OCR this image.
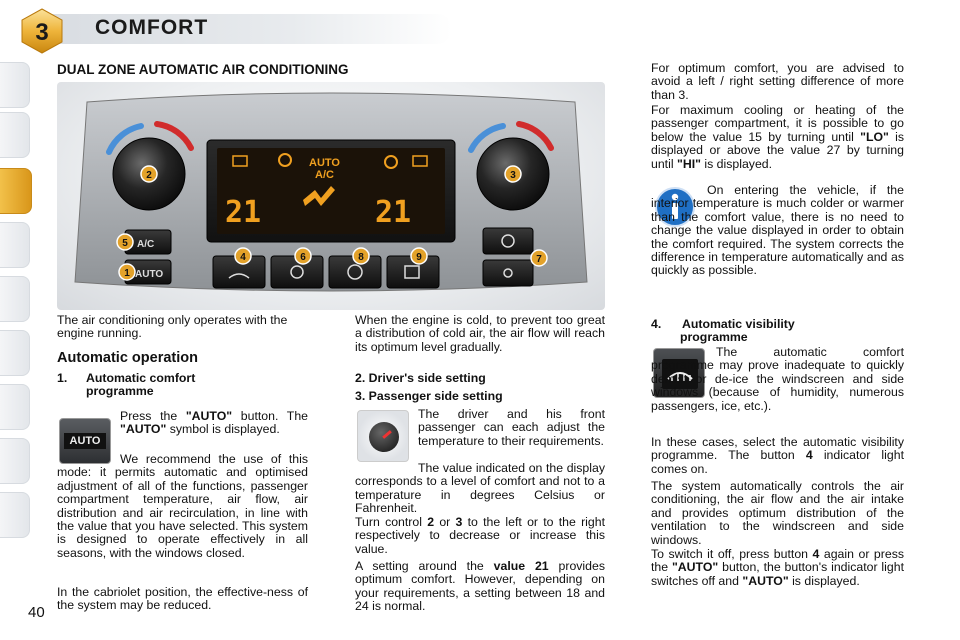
3 COMFORT
DUAL ZONE AUTOMATIC AIR CONDITIONING
AUTO
A/C
21	21
A/C
AUTO
1
2	3
4
5
6	7
8	9
The air conditioning only operates with the engine running.
Automatic operation
1. Automatic comfort programme
AUTO
Press the "AUTO" button. The "AUTO" symbol is displayed.
We recommend the use of this mode: it permits automatic and optimised adjustment of all of the functions, passenger compartment temperature, air flow, air distribution and air recirculation, in line with the value that you have selected. This system is designed to operate effectively in all seasons, with the windows closed.
In the cabriolet position, the effective-ness of the system may be reduced.
When the engine is cold, to prevent too great a distribution of cold air, the air flow will reach its optimum level gradually.
2. Driver's side setting
3. Passenger side setting
The driver and his front passenger can each adjust the temperature to their requirements.
The value indicated on the display corresponds to a level of comfort and not to a temperature in degrees Celsius or Fahrenheit.
Turn control 2 or 3 to the left or to the right respectively to decrease or increase this value.
A setting around the value 21 provides optimum comfort. However, depending on your requirements, a setting between 18 and 24 is normal.
For optimum comfort, you are advised to avoid a left / right setting difference of more than 3.
For maximum cooling or heating of the passenger compartment, it is possible to go below the value 15 by turning until "LO" is displayed or above the value 27 by turning until "HI" is displayed.
On entering the vehicle, if the interior temperature is much colder or warmer than the comfort value, there is no need to change the value displayed in order to obtain the comfort required. The system corrects the difference in temperature automatically and as quickly as possible.
4. Automatic visibility programme
The automatic comfort programme may prove inadequate to quickly demist or de-ice the windscreen and side windows (because of humidity, numerous passengers, ice, etc.).
In these cases, select the automatic visibility programme. The button 4 indicator light comes on.
The system automatically controls the air conditioning, the air flow and the air intake and provides optimum distribution of the ventilation to the windscreen and side windows.
To switch it off, press button 4 again or press the "AUTO" button, the button's indicator light switches off and "AUTO" is displayed.
40
